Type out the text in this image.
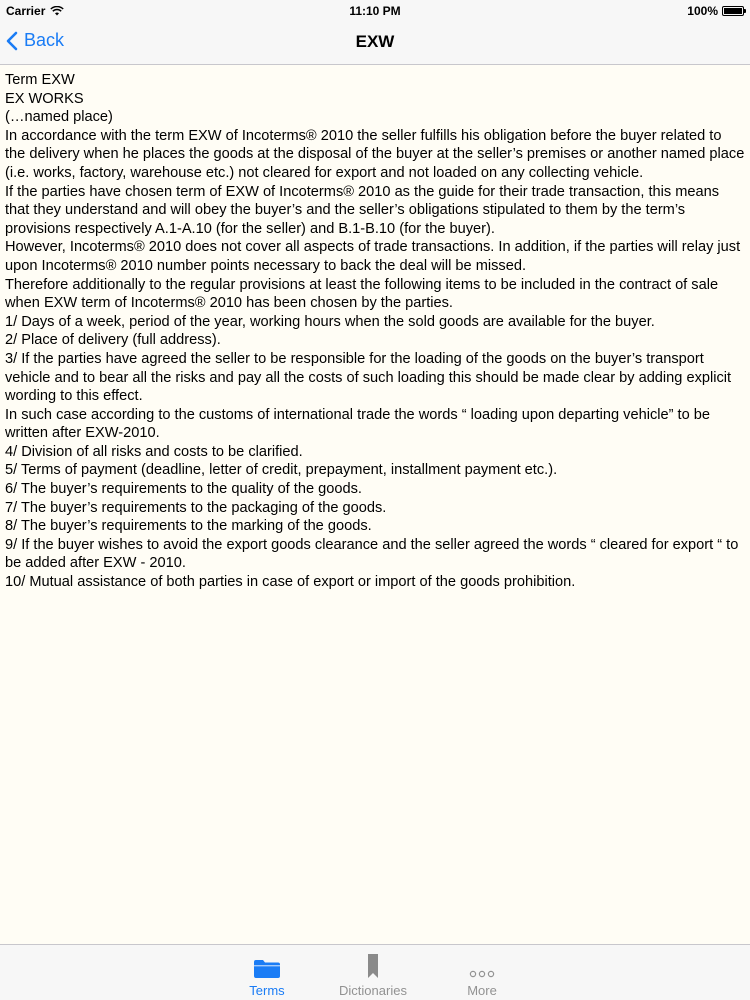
Carrier	11:10 PM	100%
Back	EXW

Term EXW

EX WORKS

(…named place)

In accordance with the term EXW of Incoterms® 2010 the seller fulfills his obligation before the buyer related to the delivery when he places the goods at the disposal of the buyer at the seller’s premises or another named place (i.e. works, factory, warehouse etc.) not cleared for export and not loaded on any collecting vehicle.

If the parties have chosen term of EXW of Incoterms® 2010 as the guide for their trade transaction, this means that they understand and will obey the buyer’s and the seller’s obligations stipulated to them by the term’s provisions respectively A.1-A.10 (for the seller) and B.1-B.10 (for the buyer).

However, Incoterms® 2010 does not cover all aspects of trade transactions. In addition, if the parties will relay just upon Incoterms® 2010 number points necessary to back the deal will be missed.

Therefore additionally to the regular provisions at least the following items to be included in the contract of sale when EXW term of Incoterms® 2010 has been chosen by the parties.

1/ Days of a week, period of the year, working hours when the sold goods are available for the buyer.

2/ Place of delivery (full address).

3/ If the parties have agreed the seller to be responsible for the loading of the goods on the buyer’s transport vehicle and to bear all the risks and pay all the costs of such loading this should be made clear by adding explicit wording to this effect.

In such case according to the customs of international trade the words “ loading upon departing vehicle” to be written after EXW-2010.

4/ Division of all risks and costs to be clarified.

5/ Terms of payment (deadline, letter of credit, prepayment, installment payment etc.).

6/ The buyer’s requirements to the quality of the goods.

7/ The buyer’s requirements to the packaging of the goods.

8/ The buyer’s requirements to the marking of the goods.

9/ If the buyer wishes to avoid the export goods clearance and the seller agreed the words “ cleared for export “ to be added after EXW - 2010.

10/ Mutual assistance of both parties in case of export or import of the goods prohibition.

Terms	Dictionaries	More
